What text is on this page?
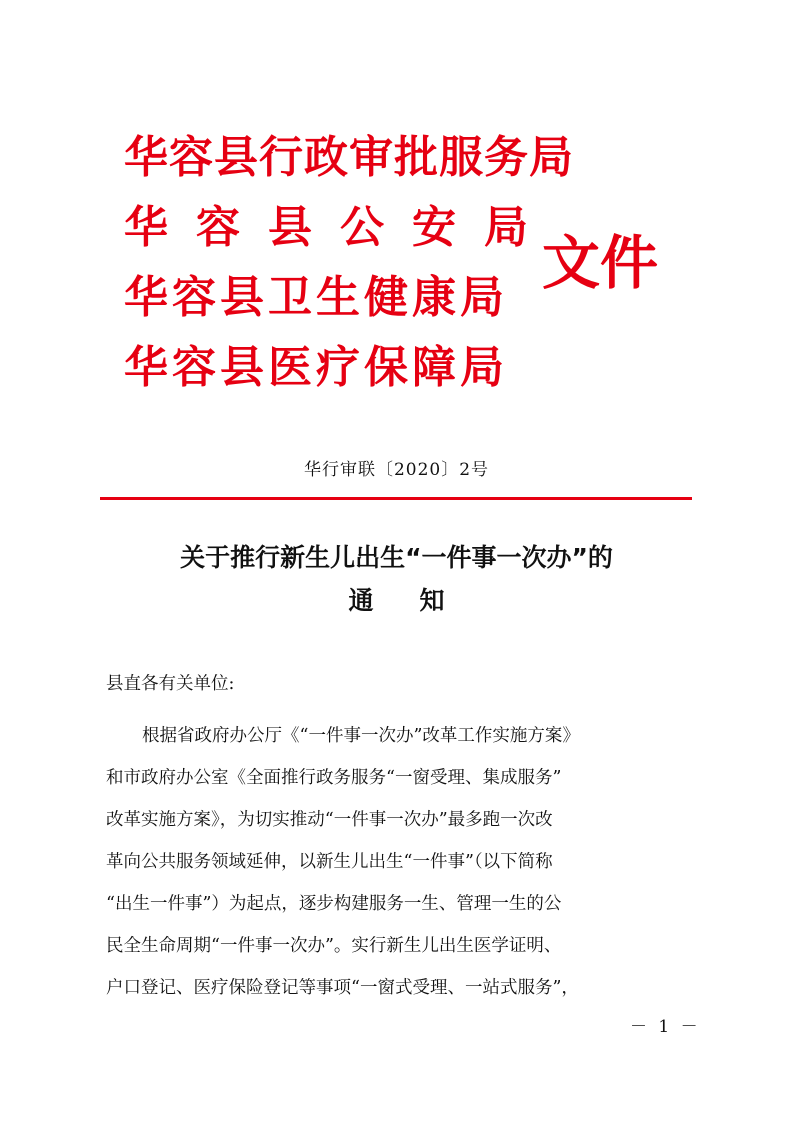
华容县行政审批服务局
华容县公安局
华容县卫生健康局
华容县医疗保障局
文件
华行审联〔2020〕2号
关于推行新生儿出生“一件事一次办”的
通知
县直各有关单位:
根据省政府办公厅《“一件事一次办”改革工作实施方案》
和市政府办公室《全面推行政务服务“一窗受理、集成服务”
改革实施方案》，为切实推动“一件事一次办”最多跑一次改
革向公共服务领域延伸，以新生儿出生“一件事”（以下简称
“出生一件事”）为起点，逐步构建服务一生、管理一生的公
民全生命周期“一件事一次办”。实行新生儿出生医学证明、
户口登记、医疗保险登记等事项“一窗式受理、一站式服务”，
－ 1 －
